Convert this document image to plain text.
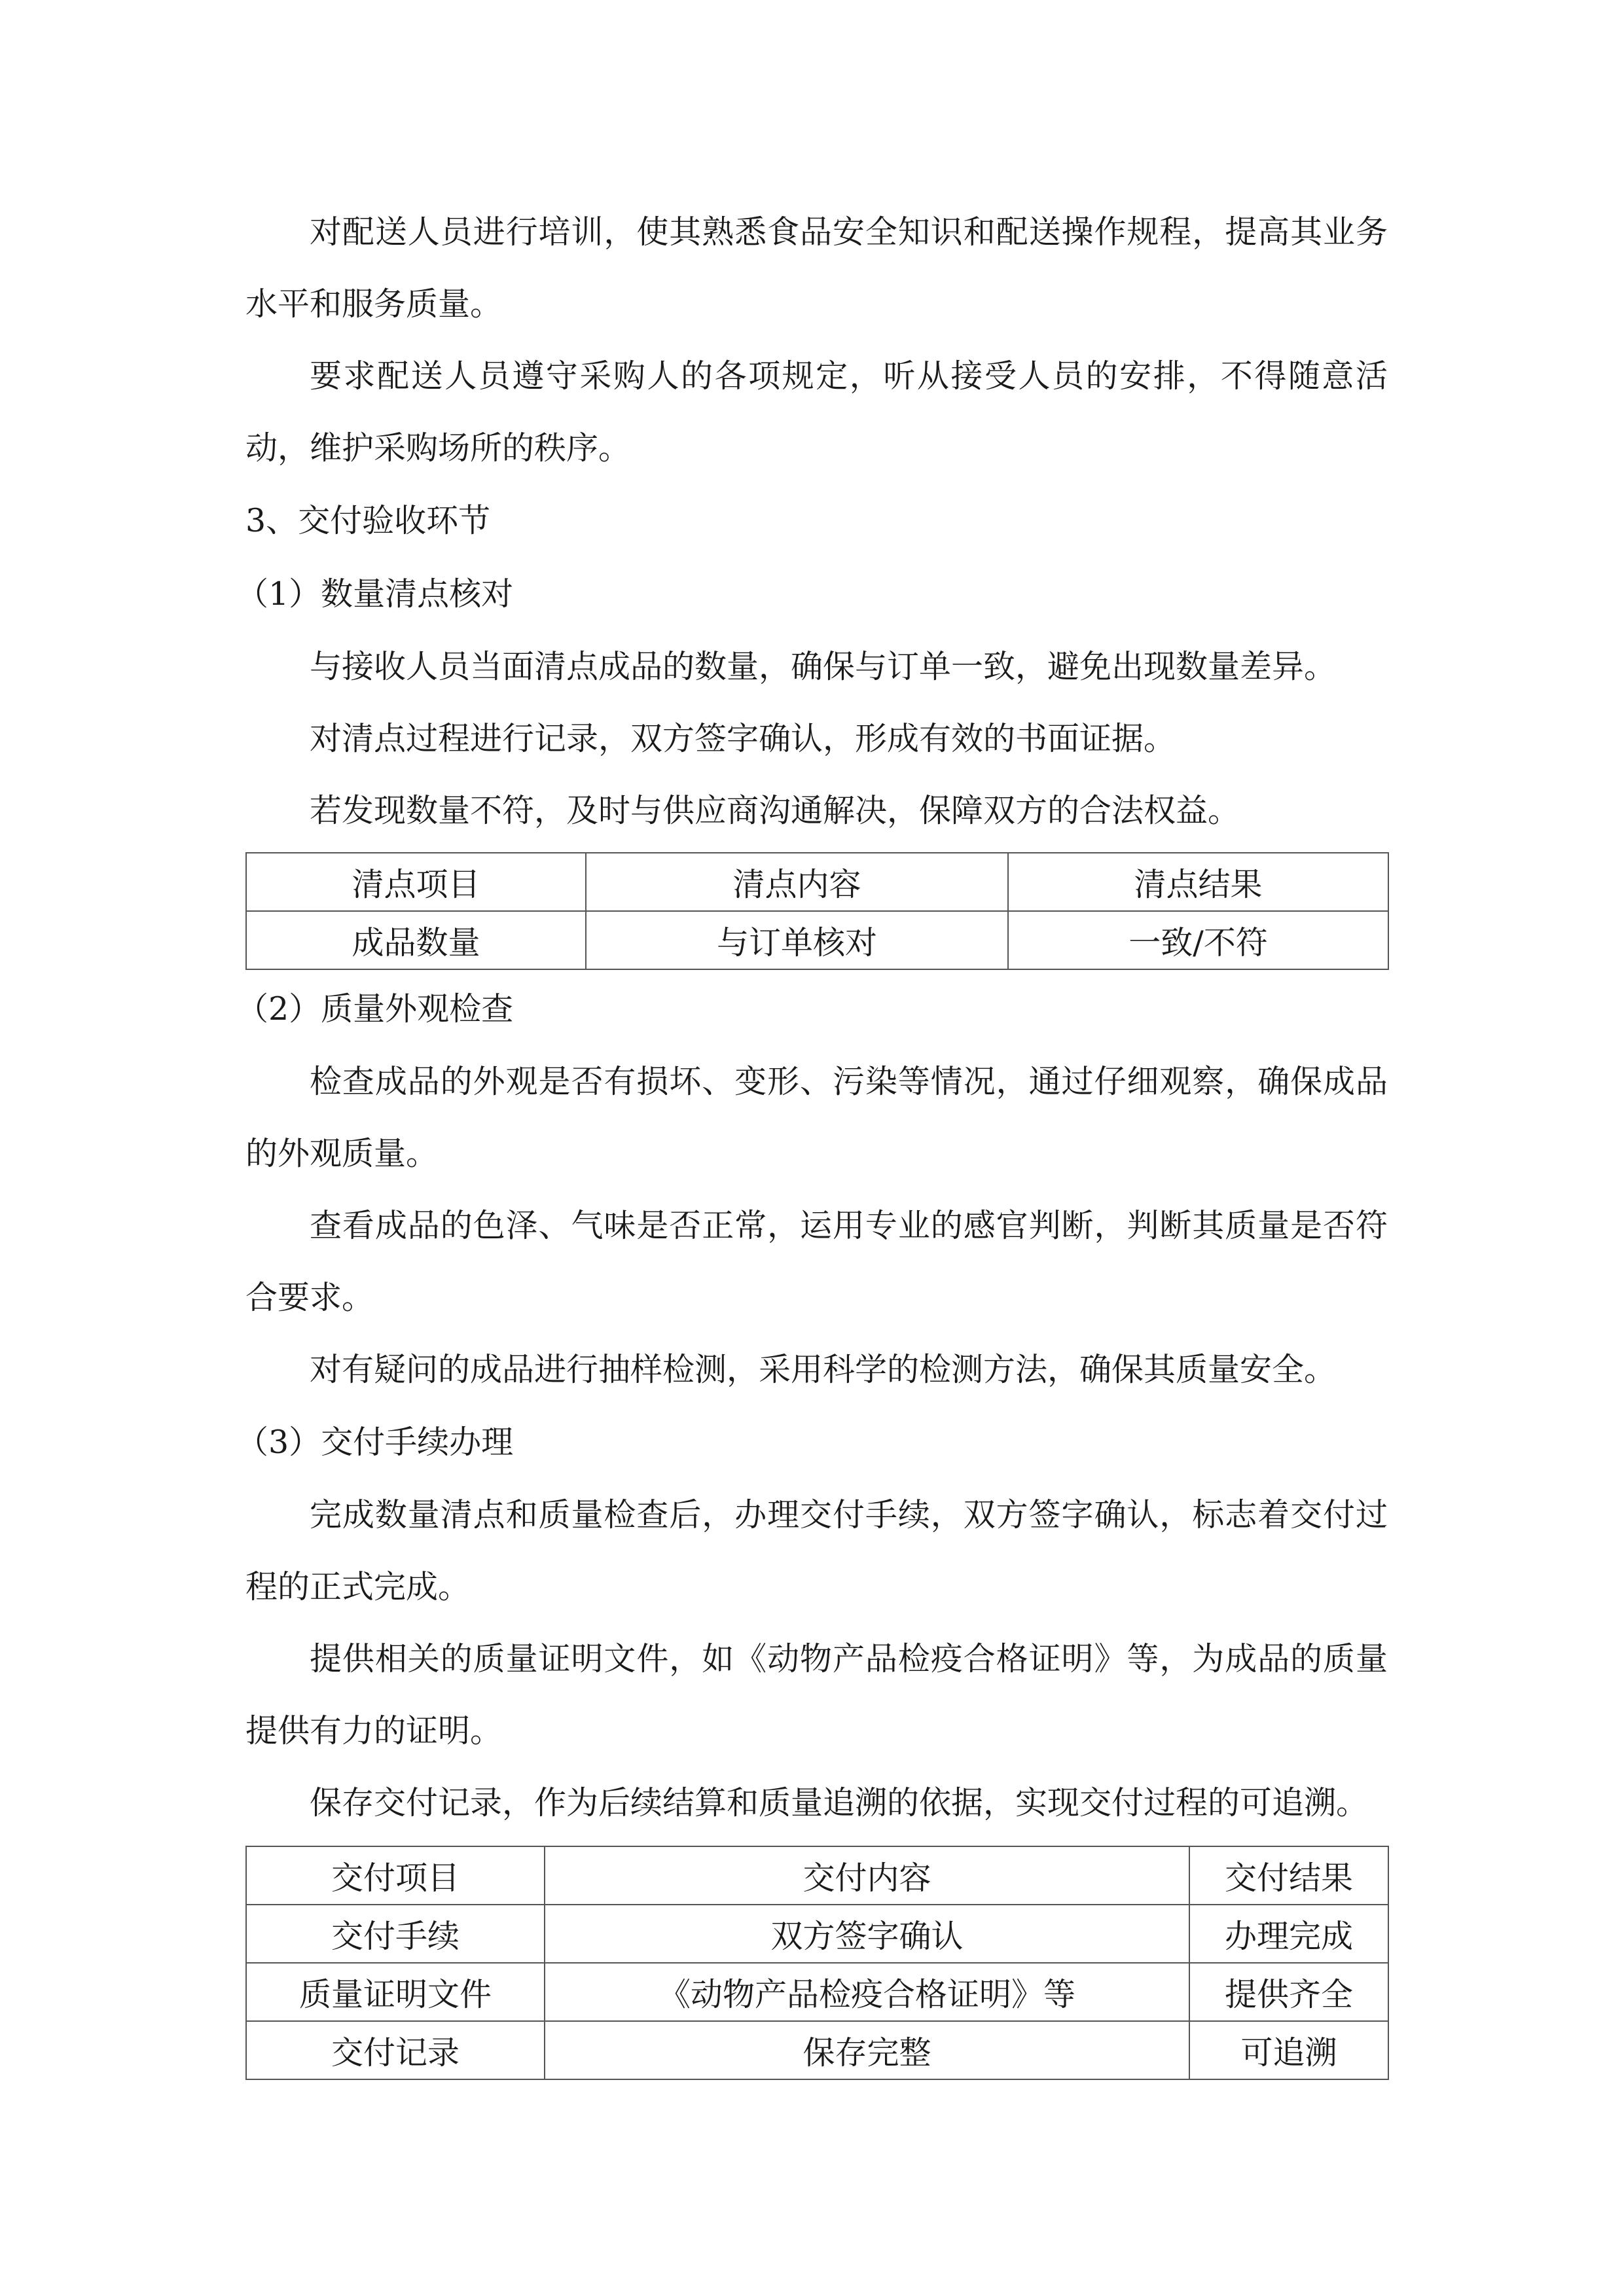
对配送人员进行培训，使其熟悉食品安全知识和配送操作规程，提高其业务水平和服务质量。

要求配送人员遵守采购人的各项规定，听从接受人员的安排，不得随意活动，维护采购场所的秩序。

3、交付验收环节

（1）数量清点核对

与接收人员当面清点成品的数量，确保与订单一致，避免出现数量差异。

对清点过程进行记录，双方签字确认，形成有效的书面证据。

若发现数量不符，及时与供应商沟通解决，保障双方的合法权益。

清点项目	清点内容	清点结果
成品数量	与订单核对	一致/不符

（2）质量外观检查

检查成品的外观是否有损坏、变形、污染等情况，通过仔细观察，确保成品的外观质量。

查看成品的色泽、气味是否正常，运用专业的感官判断，判断其质量是否符合要求。

对有疑问的成品进行抽样检测，采用科学的检测方法，确保其质量安全。

（3）交付手续办理

完成数量清点和质量检查后，办理交付手续，双方签字确认，标志着交付过程的正式完成。

提供相关的质量证明文件，如《动物产品检疫合格证明》等，为成品的质量提供有力的证明。

保存交付记录，作为后续结算和质量追溯的依据，实现交付过程的可追溯。

交付项目	交付内容	交付结果
交付手续	双方签字确认	办理完成
质量证明文件	《动物产品检疫合格证明》等	提供齐全
交付记录	保存完整	可追溯
